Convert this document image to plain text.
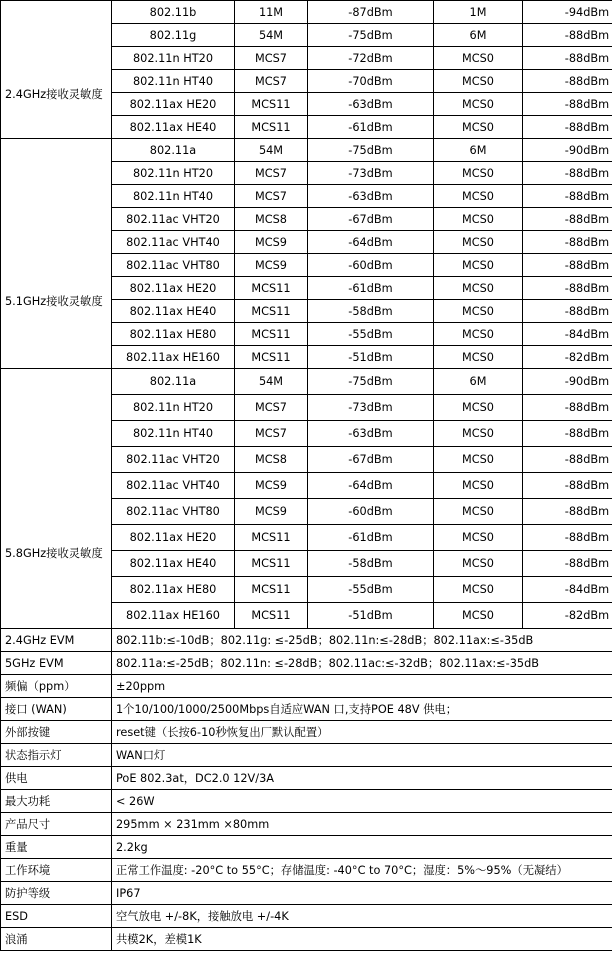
2.4GHz接收灵敏度	802.11b	11M	-87dBm	1M	-94dBm
	802.11g	54M	-75dBm	6M	-88dBm
	802.11n HT20	MCS7	-72dBm	MCS0	-88dBm
	802.11n HT40	MCS7	-70dBm	MCS0	-88dBm
	802.11ax HE20	MCS11	-63dBm	MCS0	-88dBm
	802.11ax HE40	MCS11	-61dBm	MCS0	-88dBm

5.1GHz接收灵敏度	802.11a	54M	-75dBm	6M	-90dBm
	802.11n HT20	MCS7	-73dBm	MCS0	-88dBm
	802.11n HT40	MCS7	-63dBm	MCS0	-88dBm
	802.11ac VHT20	MCS8	-67dBm	MCS0	-88dBm
	802.11ac VHT40	MCS9	-64dBm	MCS0	-88dBm
	802.11ac VHT80	MCS9	-60dBm	MCS0	-88dBm
	802.11ax HE20	MCS11	-61dBm	MCS0	-88dBm
	802.11ax HE40	MCS11	-58dBm	MCS0	-88dBm
	802.11ax HE80	MCS11	-55dBm	MCS0	-84dBm
	802.11ax HE160	MCS11	-51dBm	MCS0	-82dBm

5.8GHz接收灵敏度	802.11a	54M	-75dBm	6M	-90dBm
	802.11n HT20	MCS7	-73dBm	MCS0	-88dBm
	802.11n HT40	MCS7	-63dBm	MCS0	-88dBm
	802.11ac VHT20	MCS8	-67dBm	MCS0	-88dBm
	802.11ac VHT40	MCS9	-64dBm	MCS0	-88dBm
	802.11ac VHT80	MCS9	-60dBm	MCS0	-88dBm
	802.11ax HE20	MCS11	-61dBm	MCS0	-88dBm
	802.11ax HE40	MCS11	-58dBm	MCS0	-88dBm
	802.11ax HE80	MCS11	-55dBm	MCS0	-84dBm
	802.11ax HE160	MCS11	-51dBm	MCS0	-82dBm
2.4GHz EVM	802.11b:≤-10dB；802.11g: ≤-25dB；802.11n:≤-28dB；802.11ax:≤-35dB				
5GHz EVM	802.11a:≤-25dB；802.11n: ≤-28dB；802.11ac:≤-32dB；802.11ax:≤-35dB				
频偏（ppm）	±20ppm				
接口 (WAN)	1个10/100/1000/2500Mbps自适应WAN 口,支持POE 48V 供电；				
外部按键	reset键（长按6-10秒恢复出厂默认配置）				
状态指示灯	WAN口灯				
供电	PoE 802.3at，DC2.0 12V/3A				
最大功耗	< 26W				
产品尺寸	295mm × 231mm ×80mm				
重量	2.2kg				
工作环境	正常工作温度: -20°C to 55°C；存储温度: -40°C to 70°C；湿度：5%～95%（无凝结）				
防护等级	IP67				
ESD	空气放电 +/-8K，接触放电 +/-4K				
浪涌	共模2K，差模1K				
